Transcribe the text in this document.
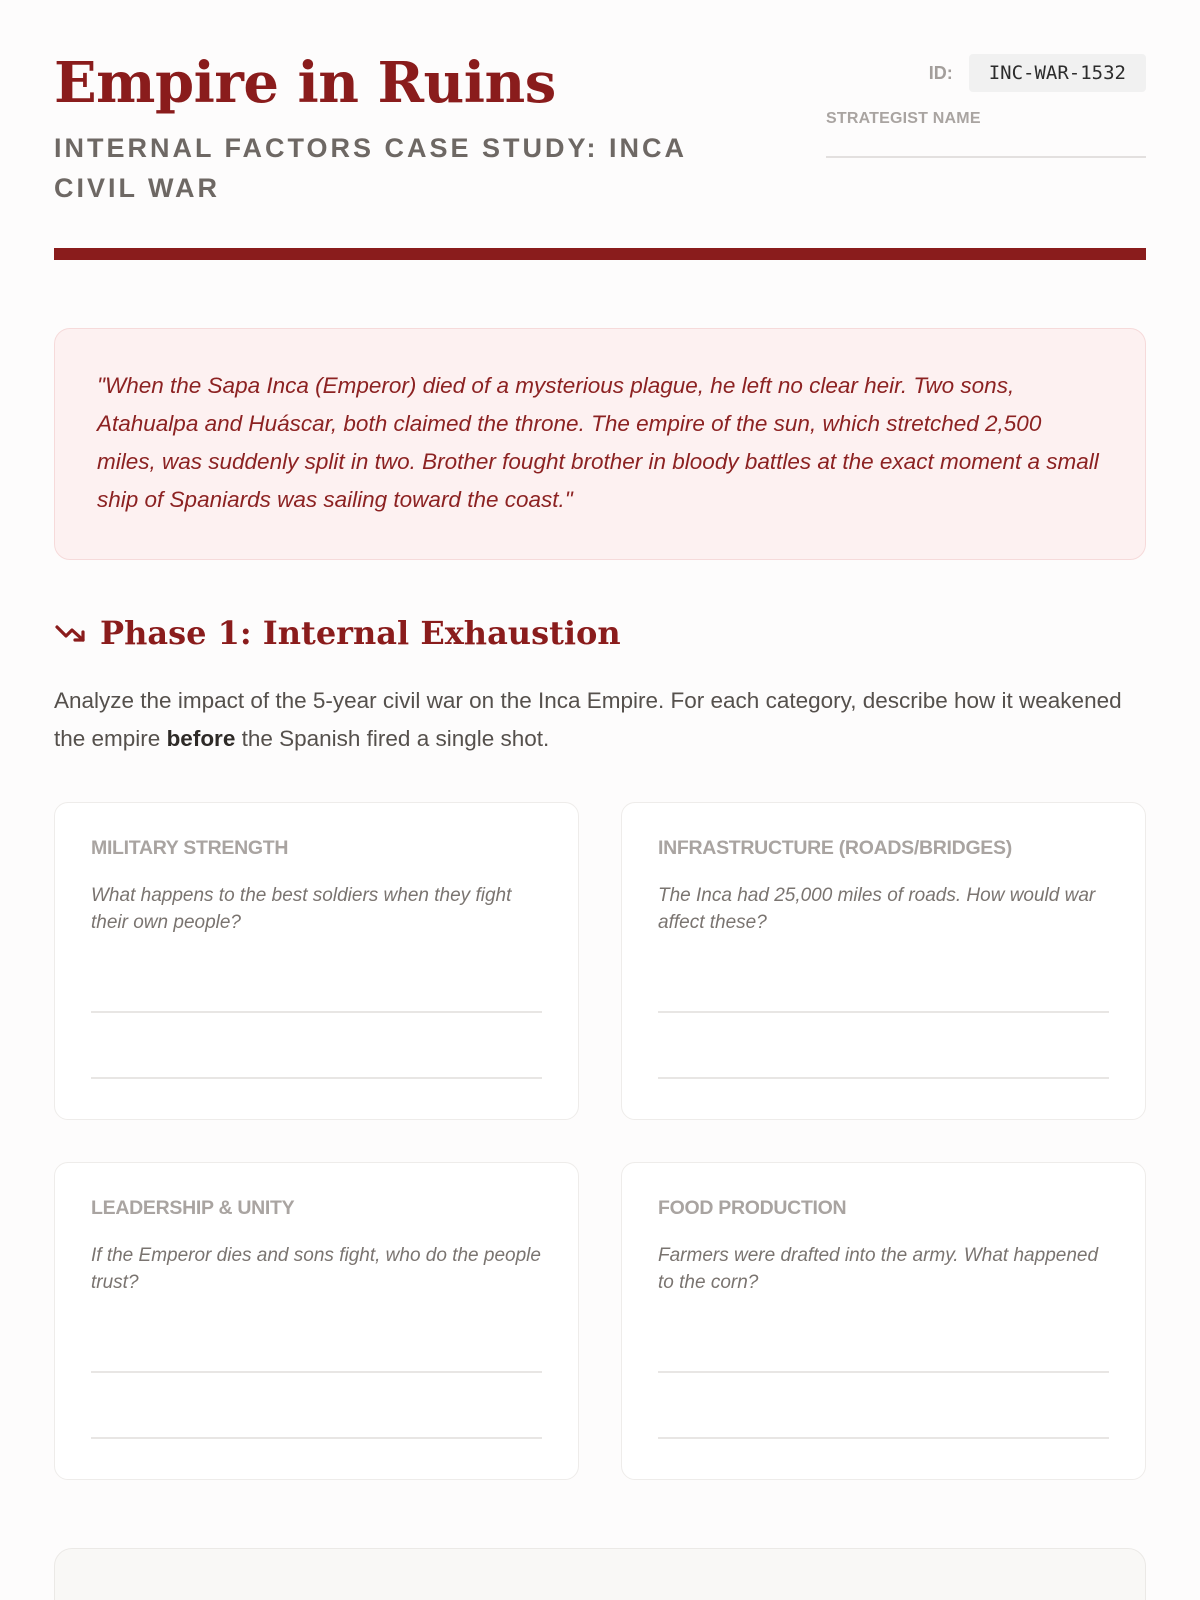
Empire in Ruins
INTERNAL FACTORS CASE STUDY: INCA CIVIL WAR
ID:	INC-WAR-1532
STRATEGIST NAME

"When the Sapa Inca (Emperor) died of a mysterious plague, he left no clear heir. Two sons, Atahualpa and Huáscar, both claimed the throne. The empire of the sun, which stretched 2,500 miles, was suddenly split in two. Brother fought brother in bloody battles at the exact moment a small ship of Spaniards was sailing toward the coast."

Phase 1: Internal Exhaustion

Analyze the impact of the 5-year civil war on the Inca Empire. For each category, describe how it weakened the empire before the Spanish fired a single shot.

MILITARY STRENGTH
What happens to the best soldiers when they fight their own people?
INFRASTRUCTURE (ROADS/BRIDGES)
The Inca had 25,000 miles of roads. How would war affect these?
LEADERSHIP & UNITY
If the Emperor dies and sons fight, who do the people trust?
FOOD PRODUCTION
Farmers were drafted into the army. What happened to the corn?
